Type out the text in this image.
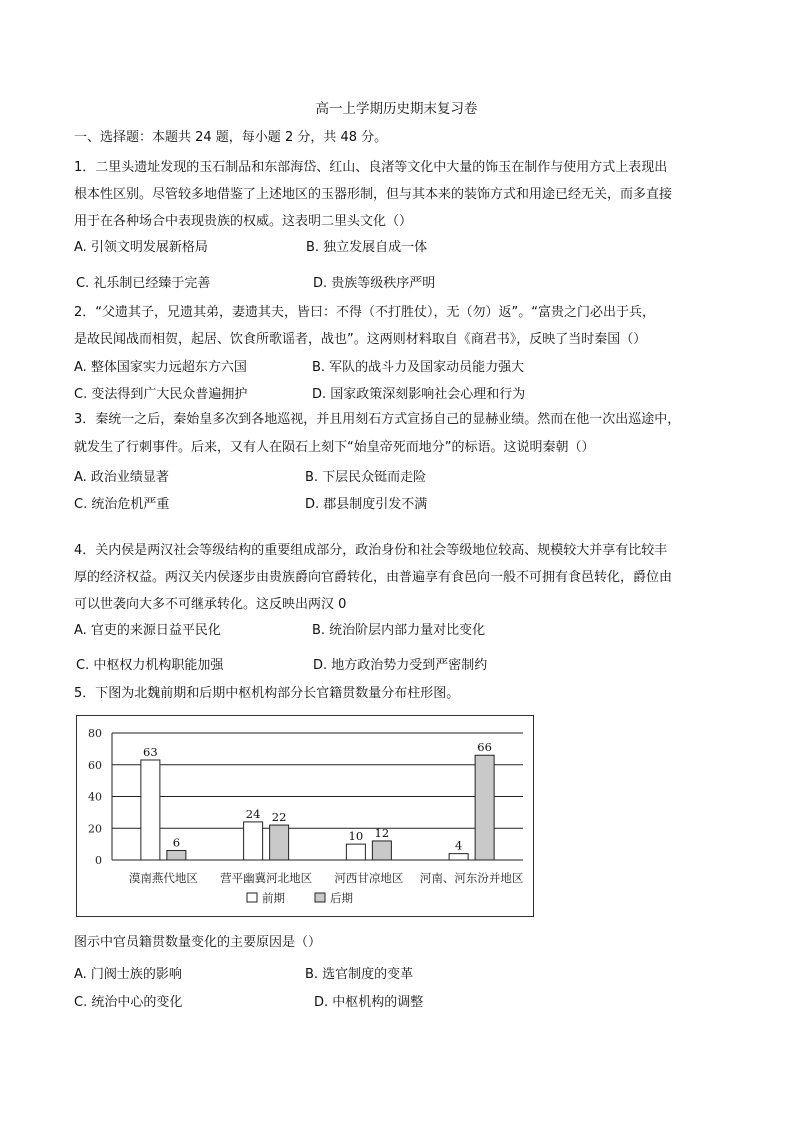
高一上学期历史期末复习卷
一、选择题：本题共 24 题，每小题 2 分，共 48 分。
1．二里头遗址发现的玉石制品和东部海岱、红山、良渚等文化中大量的饰玉在制作与使用方式上表现出
根本性区别。尽管较多地借鉴了上述地区的玉器形制，但与其本来的装饰方式和用途已经无关，而多直接
用于在各种场合中表现贵族的权威。这表明二里头文化（）
A. 引领文明发展新格局	B. 独立发展自成一体
C. 礼乐制已经臻于完善	D. 贵族等级秩序严明
2．“父遗其子，兄遗其弟，妻遗其夫，皆曰：不得（不打胜仗），无（勿）返”。“富贵之门必出于兵，
是故民闻战而相贺，起居、饮食所歌谣者，战也”。这两则材料取自《商君书》，反映了当时秦国（）
A. 整体国家实力远超东方六国	B. 军队的战斗力及国家动员能力强大
C. 变法得到广大民众普遍拥护	D. 国家政策深刻影响社会心理和行为
3．秦统一之后，秦始皇多次到各地巡视，并且用刻石方式宣扬自己的显赫业绩。然而在他一次出巡途中，
就发生了行刺事件。后来，又有人在陨石上刻下“始皇帝死而地分”的标语。这说明秦朝（）
A. 政治业绩显著	B. 下层民众铤而走险
C. 统治危机严重	D. 郡县制度引发不满
4．关内侯是两汉社会等级结构的重要组成部分，政治身份和社会等级地位较高、规模较大并享有比较丰
厚的经济权益。两汉关内侯逐步由贵族爵向官爵转化，由普遍享有食邑向一般不可拥有食邑转化，爵位由
可以世袭向大多不可继承转化。这反映出两汉 0
A. 官吏的来源日益平民化	B. 统治阶层内部力量对比变化
C. 中枢权力机构职能加强	D. 地方政治势力受到严密制约
5．下图为北魏前期和后期中枢机构部分长官籍贯数量分布柱形图。
80
60
40
20
0
63
6
漠南燕代地区
24 22
营平幽冀河北地区
10 12
河西甘凉地区
4
66
河南、河东汾并地区
前期	后期
图示中官员籍贯数量变化的主要原因是（）
A. 门阀士族的影响	B. 选官制度的变革
C. 统治中心的变化	D. 中枢机构的调整
